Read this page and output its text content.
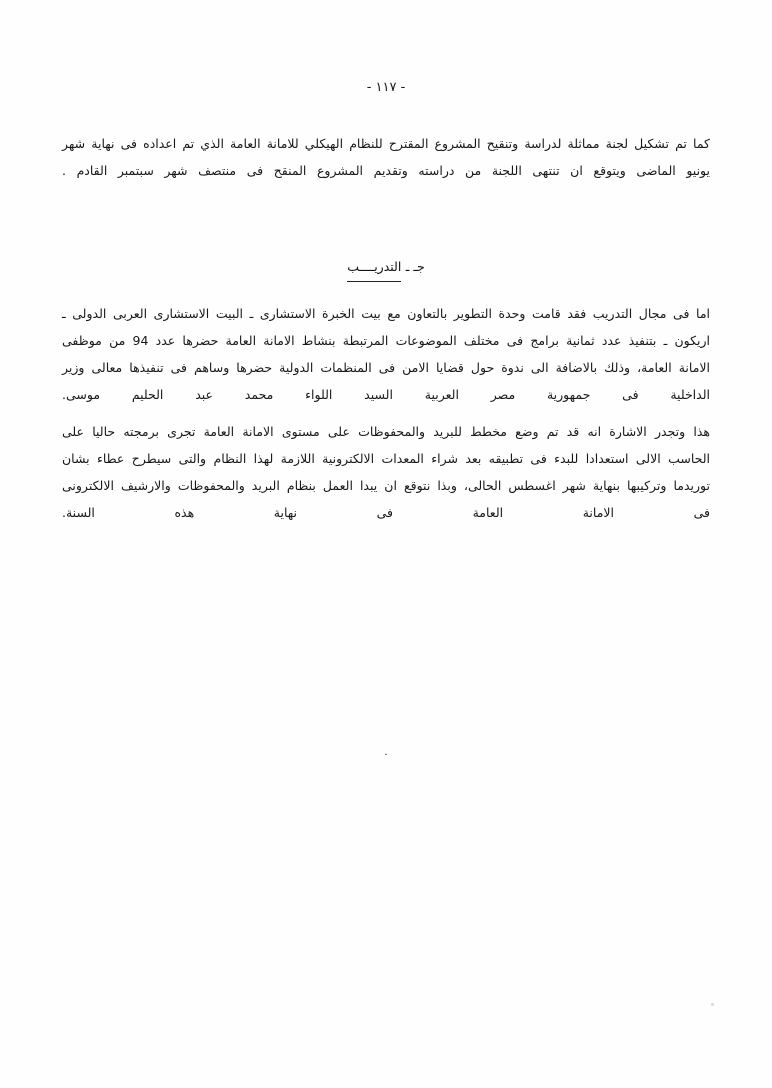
- ١١٧ -

كما تم تشكيل لجنة مماثلة لدراسة وتنقيح المشروع المقترح للنظام الهيكلي للامانة العامة الذي تم اعداده فى نهاية شهر يونيو الماضى ويتوقع ان تنتهى اللجنة من دراسته وتقديم المشروع المنقح فى منتصف شهر سبتمبر القادم .

جـ ـ التدريــــب

اما فى مجال التدريب فقد قامت وحدة التطوير بالتعاون مع بيت الخبرة الاستشارى ـ البيت الاستشارى العربى الدولى ـ اريكون ـ بتنفيذ عدد ثمانية برامج فى مختلف الموضوعات المرتبطة بنشاط الامانة العامة حضرها عدد 94 من موظفى الامانة العامة، وذلك بالاضافة الى ندوة حول قضايا الامن فى المنظمات الدولية حضرها وساهم فى تنفيذها معالى وزير الداخلية فى جمهورية مصر العربية السيد اللواء محمد عبد الحليم موسى.

هذا وتجدر الاشارة انه قد تم وضع مخطط للبريد والمحفوظات على مستوى الامانة العامة تجرى برمجته حاليا على الحاسب الالى استعدادا للبدء فى تطبيقه بعد شراء المعدات الالكترونية اللازمة لهذا النظام والتى سيطرح عطاء بشان توريدما وتركيبها بنهاية شهر اغسطس الحالى، وبذا نتوقع ان يبدا العمل بنظام البريد والمحفوظات والارشيف الالكترونى فى الامانة العامة فى نهاية هذه السنة.

.
